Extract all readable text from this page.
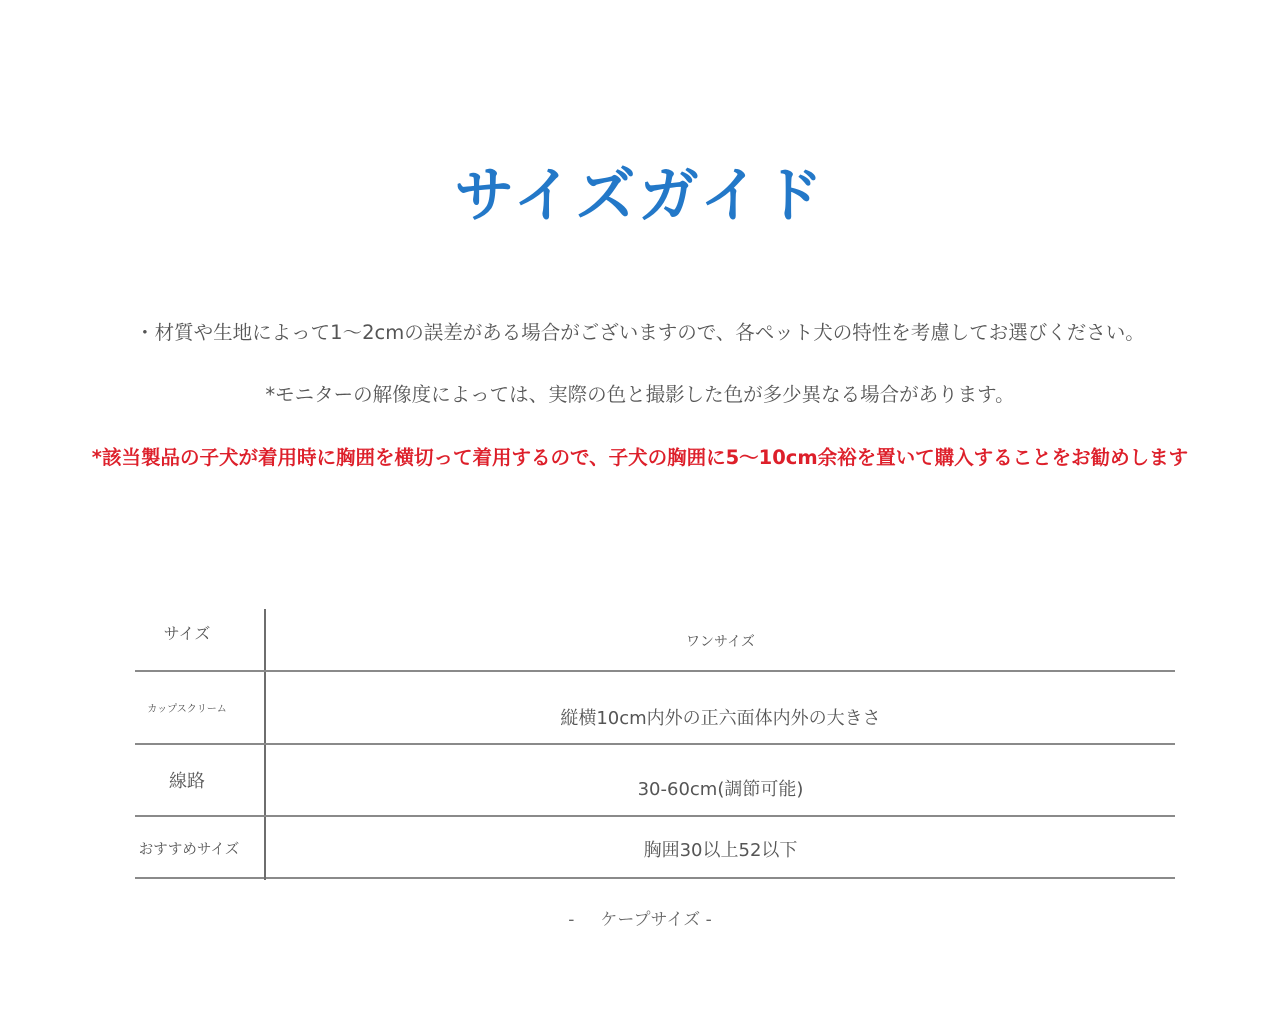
サイズガイド
・材質や生地によって1〜2cmの誤差がある場合がございますので、各ペット犬の特性を考慮してお選びください。
*モニターの解像度によっては、実際の色と撮影した色が多少異なる場合があります。
*該当製品の子犬が着用時に胸囲を横切って着用するので、子犬の胸囲に5〜10cm余裕を置いて購入することをお勧めします
サイズ	ワンサイズ
カップスクリーム	縦横10cm内外の正六面体内外の大きさ
線路	30-60cm(調節可能)
おすすめサイズ	胸囲30以上52以下
- ケープサイズ -
